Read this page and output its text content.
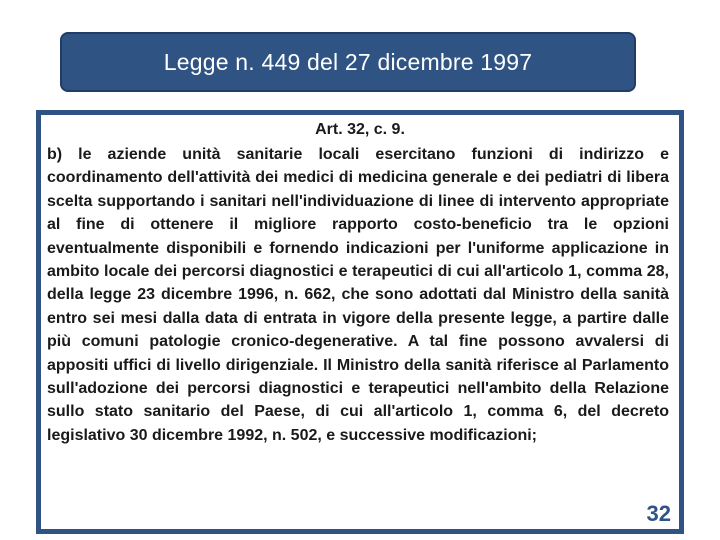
Legge n. 449 del 27 dicembre 1997
Art. 32, c. 9.

b) le aziende unità sanitarie locali esercitano funzioni di indirizzo e coordinamento dell'attività dei medici di medicina generale e dei pediatri di libera scelta supportando i sanitari nell'individuazione di linee di intervento appropriate al fine di ottenere il migliore rapporto costo-beneficio tra le opzioni eventualmente disponibili e fornendo indicazioni per l'uniforme applicazione in ambito locale dei percorsi diagnostici e terapeutici di cui all'articolo 1, comma 28, della legge 23 dicembre 1996, n. 662, che sono adottati dal Ministro della sanità entro sei mesi dalla data di entrata in vigore della presente legge, a partire dalle più comuni patologie cronico-degenerative. A tal fine possono avvalersi di appositi uffici di livello dirigenziale. Il Ministro della sanità riferisce al Parlamento sull'adozione dei percorsi diagnostici e terapeutici nell'ambito della Relazione sullo stato sanitario del Paese, di cui all'articolo 1, comma 6, del decreto legislativo 30 dicembre 1992, n. 502, e successive modificazioni;

32
